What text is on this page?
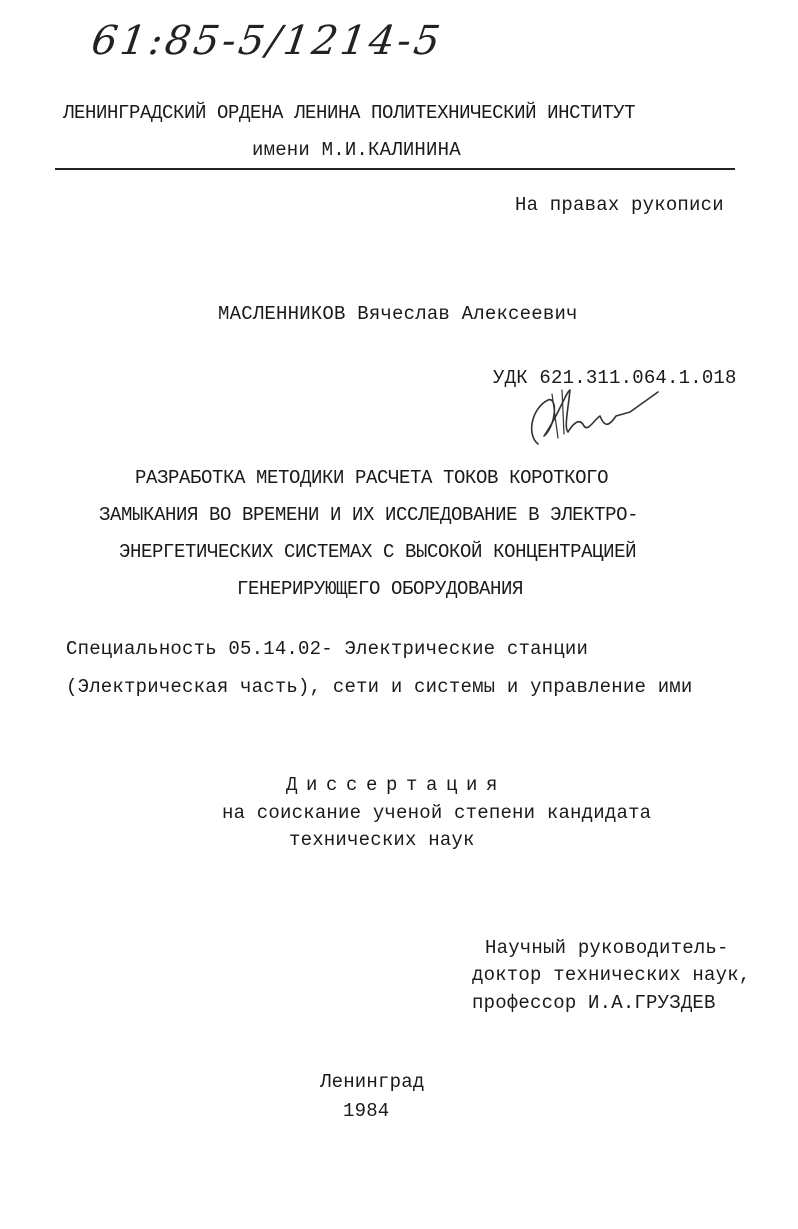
61:85-5/1214-5
ЛЕНИНГРАДСКИЙ ОРДЕНА ЛЕНИНА ПОЛИТЕХНИЧЕСКИЙ ИНСТИТУТ
имени М.И.КАЛИНИНА
На правах рукописи
МАСЛЕННИКОВ Вячеслав Алексеевич
УДК 621.311.064.1.018
РАЗРАБОТКА МЕТОДИКИ РАСЧЕТА ТОКОВ КОРОТКОГО
ЗАМЫКАНИЯ ВО ВРЕМЕНИ И ИХ ИССЛЕДОВАНИЕ В ЭЛЕКТРО-
ЭНЕРГЕТИЧЕСКИХ СИСТЕМАХ С ВЫСОКОЙ КОНЦЕНТРАЦИЕЙ
ГЕНЕРИРУЮЩЕГО ОБОРУДОВАНИЯ
Специальность 05.14.02- Электрические станции
(Электрическая часть), сети и системы и управление ими
Диссертация
на соискание ученой степени кандидата
технических наук
Научный руководитель-
доктор технических наук,
профессор И.А.ГРУЗДЕВ
Ленинград
1984
